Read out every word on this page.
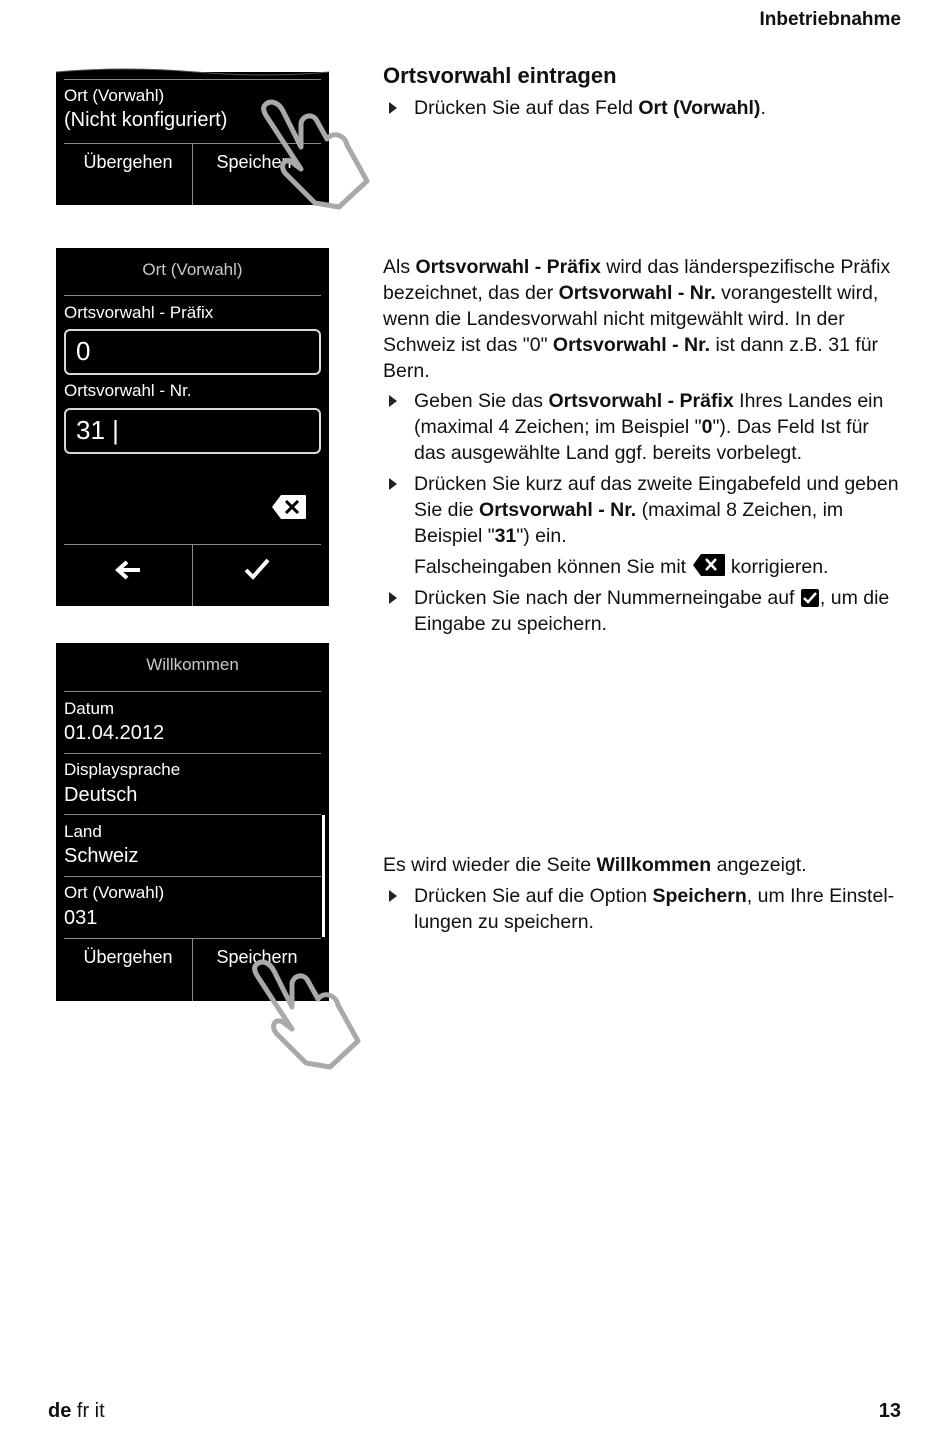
Inbetriebnahme
Ort (Vorwahl)
(Nicht konfiguriert)
Übergehen	Speichern
Ort (Vorwahl)
Ortsvorwahl - Präfix
0
Ortsvorwahl - Nr.
31 |
Willkommen
Datum
01.04.2012
Displaysprache
Deutsch
Land
Schweiz
Ort (Vorwahl)
031
Übergehen	Speichern
Ortsvorwahl eintragen
Drücken Sie auf das Feld Ort (Vorwahl).
Als Ortsvorwahl - Präfix wird das länderspezifische Präfix bezeichnet, das der Ortsvorwahl - Nr. vorangestellt wird, wenn die Landesvorwahl nicht mitgewählt wird. In der Schweiz ist das "0" Ortsvorwahl - Nr. ist dann z.B. 31 für Bern.
Geben Sie das Ortsvorwahl - Präfix Ihres Landes ein (maximal 4 Zeichen; im Beispiel "0"). Das Feld Ist für das ausgewählte Land ggf. bereits vorbelegt.
Drücken Sie kurz auf das zweite Eingabefeld und geben Sie die Ortsvorwahl - Nr. (maximal 8 Zeichen, im Beispiel "31") ein.
Falscheingaben können Sie mit  korrigieren.
Drücken Sie nach der Nummerneingabe auf , um die Eingabe zu speichern.
Es wird wieder die Seite Willkommen angezeigt.
Drücken Sie auf die Option Speichern, um Ihre Einstel-lungen zu speichern.
de fr it	13
